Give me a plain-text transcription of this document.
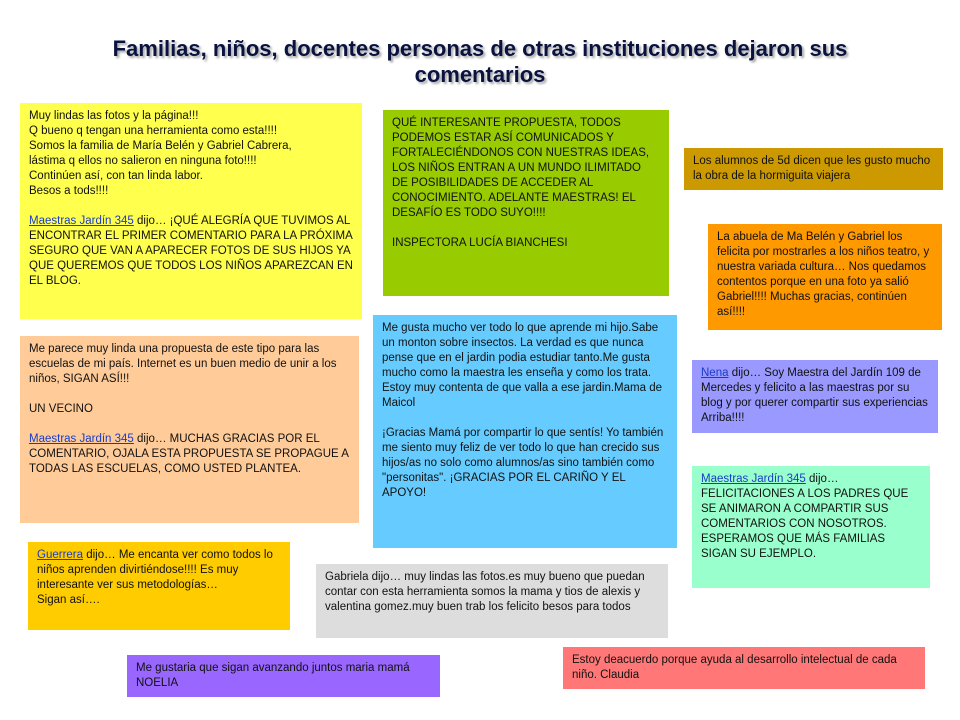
Familias, niños, docentes personas de otras instituciones dejaron sus comentarios

Muy lindas las fotos y la página!!!

Q bueno q tengan una herramienta como esta!!!!

Somos la familia de María Belén y Gabriel Cabrera,

lástima q ellos no salieron en ninguna foto!!!!

Continúen así, con tan linda labor.

Besos a tods!!!!

Maestras Jardín 345 dijo… ¡QUÉ ALEGRÍA QUE TUVIMOS AL ENCONTRAR EL PRIMER COMENTARIO PARA LA PRÓXIMA SEGURO QUE VAN A APARECER FOTOS DE SUS HIJOS YA QUE QUEREMOS QUE TODOS LOS NIÑOS APAREZCAN EN EL BLOG.

QUÉ INTERESANTE PROPUESTA, TODOS PODEMOS ESTAR ASÍ COMUNICADOS Y FORTALECIÉNDONOS CON NUESTRAS IDEAS, LOS NIÑOS ENTRAN A UN MUNDO ILIMITADO DE POSIBILIDADES DE ACCEDER AL CONOCIMIENTO. ADELANTE MAESTRAS! EL DESAFÍO ES TODO SUYO!!!!

INSPECTORA LUCÍA BIANCHESI

Los alumnos de 5d dicen que les gusto mucho la obra de la hormiguita viajera

La abuela de Ma Belén y Gabriel los felicita por mostrarles a los niños teatro, y nuestra variada cultura… Nos quedamos contentos porque en una foto ya salió Gabriel!!!! Muchas gracias, continúen así!!!!

Me parece muy linda una propuesta de este tipo para las escuelas de mi país. Internet es un buen medio de unir a los niños, SIGAN ASÍ!!!

UN VECINO

Maestras Jardín 345 dijo… MUCHAS GRACIAS POR EL COMENTARIO, OJALA ESTA PROPUESTA SE PROPAGUE A TODAS LAS ESCUELAS, COMO USTED PLANTEA.

Me gusta mucho ver todo lo que aprende mi hijo.Sabe un monton sobre insectos. La verdad es que nunca pense que en el jardin podia estudiar tanto.Me gusta mucho como la maestra les enseña y como los trata. Estoy muy contenta de que valla a ese jardin.Mama de Maicol

¡Gracias Mamá por compartir lo que sentís! Yo también me siento muy feliz de ver todo lo que han crecido sus hijos/as no solo como alumnos/as sino también como "personitas". ¡GRACIAS POR EL CARIÑO Y EL APOYO!

Nena dijo… Soy Maestra del Jardín 109 de Mercedes y felicito a las maestras por su blog y por querer compartir sus experiencias Arriba!!!!

Maestras Jardín 345 dijo… FELICITACIONES A LOS PADRES QUE SE ANIMARON A COMPARTIR SUS COMENTARIOS CON NOSOTROS. ESPERAMOS QUE MÁS FAMILIAS SIGAN SU EJEMPLO.

Guerrera dijo… Me encanta ver como todos lo niños aprenden divirtiéndose!!!! Es muy interesante ver sus metodologías…

Sigan así….

Gabriela dijo… muy lindas las fotos.es muy bueno que puedan contar con esta herramienta somos la mama y tios de alexis y valentina gomez.muy buen trab los felicito besos para todos

Me gustaria que sigan avanzando juntos maria mamá NOELIA

Estoy deacuerdo porque ayuda al desarrollo intelectual de cada niño. Claudia
